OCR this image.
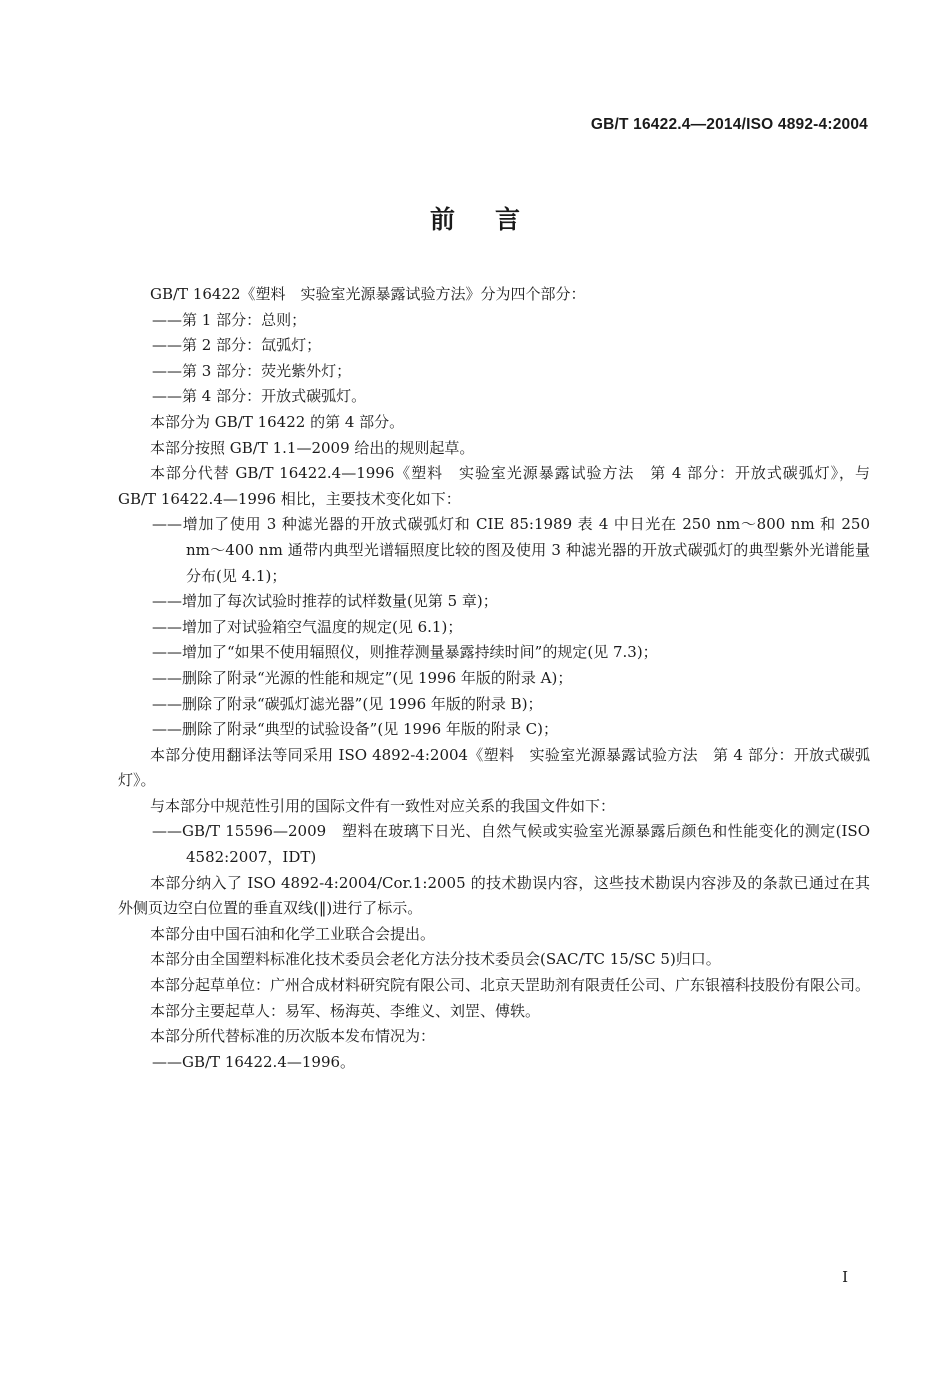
GB/T 16422.4—2014/ISO 4892-4:2004
前言

GB/T 16422《塑料　实验室光源暴露试验方法》分为四个部分：

——第 1 部分：总则；

——第 2 部分：氙弧灯；

——第 3 部分：荧光紫外灯；

——第 4 部分：开放式碳弧灯。

本部分为 GB/T 16422 的第 4 部分。

本部分按照 GB/T 1.1—2009 给出的规则起草。

本部分代替 GB/T 16422.4—1996《塑料　实验室光源暴露试验方法　第 4 部分：开放式碳弧灯》，与 GB/T 16422.4—1996 相比，主要技术变化如下：

——增加了使用 3 种滤光器的开放式碳弧灯和 CIE 85:1989 表 4 中日光在 250 nm～800 nm 和 250 nm～400 nm 通带内典型光谱辐照度比较的图及使用 3 种滤光器的开放式碳弧灯的典型紫外光谱能量分布(见 4.1)；

——增加了每次试验时推荐的试样数量(见第 5 章)；

——增加了对试验箱空气温度的规定(见 6.1)；

——增加了“如果不使用辐照仪，则推荐测量暴露持续时间”的规定(见 7.3)；

——删除了附录“光源的性能和规定”(见 1996 年版的附录 A)；

——删除了附录“碳弧灯滤光器”(见 1996 年版的附录 B)；

——删除了附录“典型的试验设备”(见 1996 年版的附录 C)；

本部分使用翻译法等同采用 ISO 4892-4:2004《塑料　实验室光源暴露试验方法　第 4 部分：开放式碳弧灯》。

与本部分中规范性引用的国际文件有一致性对应关系的我国文件如下：

——GB/T 15596—2009　塑料在玻璃下日光、自然气候或实验室光源暴露后颜色和性能变化的测定(ISO 4582:2007，IDT)

本部分纳入了 ISO 4892-4:2004/Cor.1:2005 的技术勘误内容，这些技术勘误内容涉及的条款已通过在其外侧页边空白位置的垂直双线(‖)进行了标示。

本部分由中国石油和化学工业联合会提出。

本部分由全国塑料标准化技术委员会老化方法分技术委员会(SAC/TC 15/SC 5)归口。

本部分起草单位：广州合成材料研究院有限公司、北京天罡助剂有限责任公司、广东银禧科技股份有限公司。

本部分主要起草人：易军、杨海英、李维义、刘罡、傅轶。

本部分所代替标准的历次版本发布情况为：

——GB/T 16422.4—1996。

I
